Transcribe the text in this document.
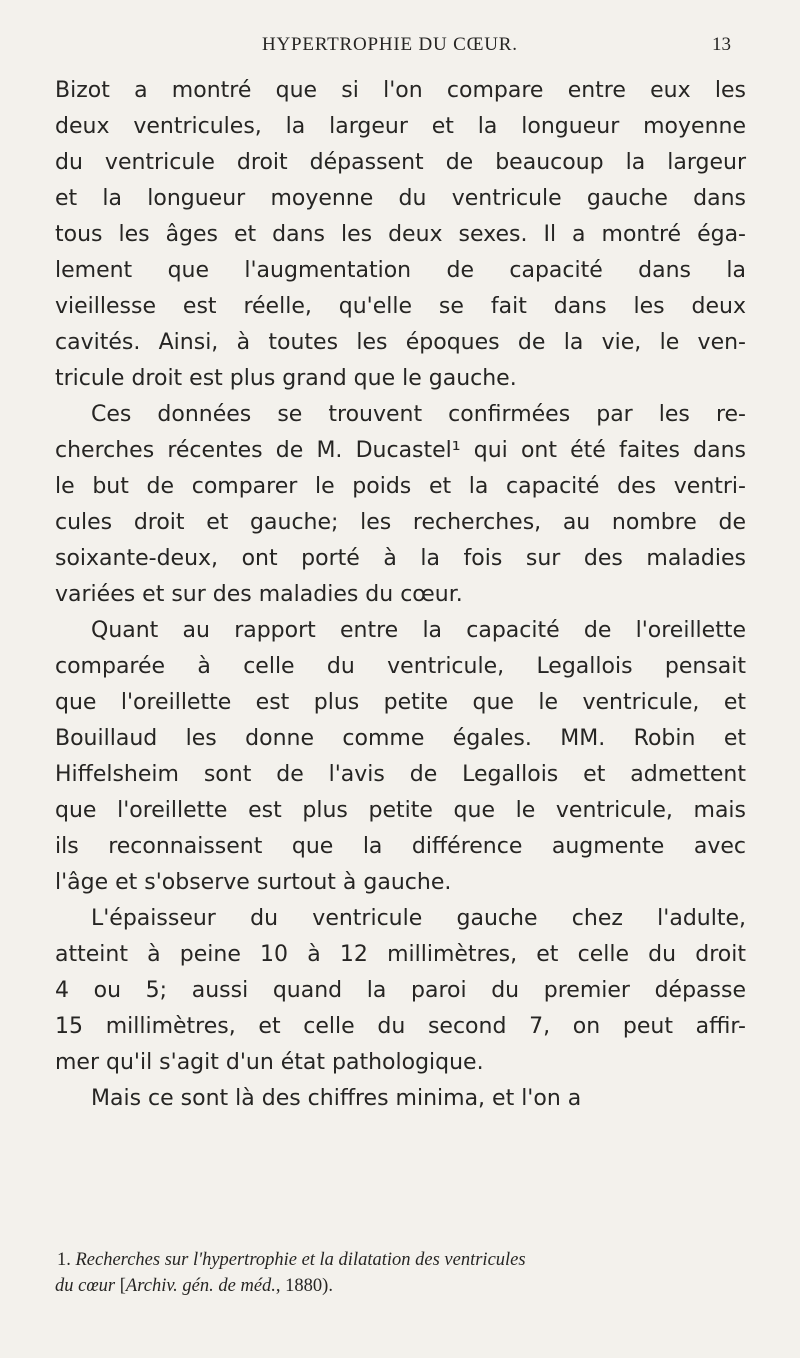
HYPERTROPHIE DU CŒUR.	13
Bizot a montré que si l'on compare entre eux les
deux ventricules, la largeur et la longueur moyenne
du ventricule droit dépassent de beaucoup la largeur
et la longueur moyenne du ventricule gauche dans
tous les âges et dans les deux sexes. Il a montré éga-
lement que l'augmentation de capacité dans la
vieillesse est réelle, qu'elle se fait dans les deux
cavités. Ainsi, à toutes les époques de la vie, le ven-
tricule droit est plus grand que le gauche.
Ces données se trouvent confirmées par les re-
cherches récentes de M. Ducastel¹ qui ont été faites dans
le but de comparer le poids et la capacité des ventri-
cules droit et gauche; les recherches, au nombre de
soixante-deux, ont porté à la fois sur des maladies
variées et sur des maladies du cœur.
Quant au rapport entre la capacité de l'oreillette
comparée à celle du ventricule, Legallois pensait
que l'oreillette est plus petite que le ventricule, et
Bouillaud les donne comme égales. MM. Robin et
Hiffelsheim sont de l'avis de Legallois et admettent
que l'oreillette est plus petite que le ventricule, mais
ils reconnaissent que la différence augmente avec
l'âge et s'observe surtout à gauche.
L'épaisseur du ventricule gauche chez l'adulte,
atteint à peine 10 à 12 millimètres, et celle du droit
4 ou 5; aussi quand la paroi du premier dépasse
15 millimètres, et celle du second 7, on peut affir-
mer qu'il s'agit d'un état pathologique.
Mais ce sont là des chiffres minima, et l'on a
1. Recherches sur l'hypertrophie et la dilatation des ventricules
du cœur [Archiv. gén. de méd., 1880).
